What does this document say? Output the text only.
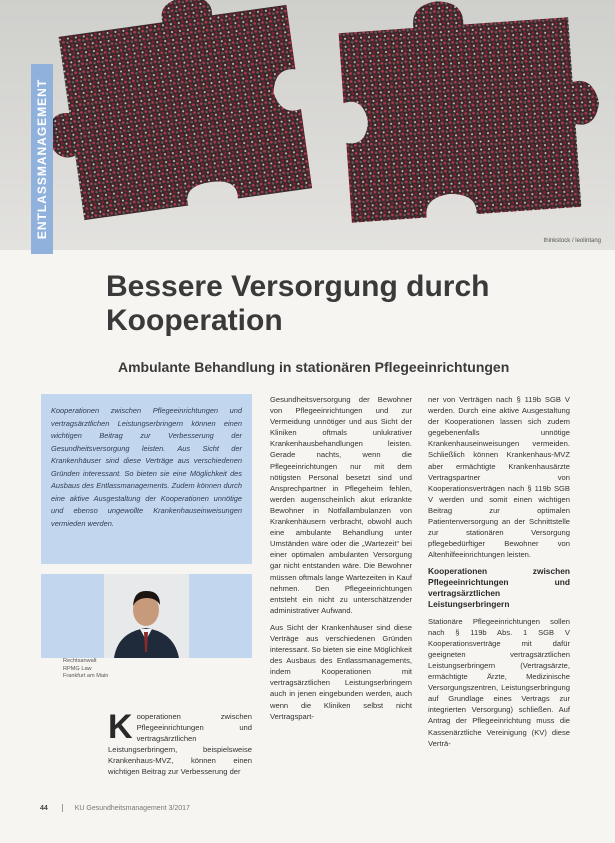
thinkstock / leolintang
ENTLASSMANAGEMENT
Bessere Versorgung durch Kooperation
Ambulante Behandlung in stationären Pflegeeinrichtungen

Kooperationen zwischen Pflegeeinrichtungen und vertragsärztlichen Leistungserbringern können einen wichtigen Beitrag zur Verbesserung der Gesundheitsversorgung leisten. Aus Sicht der Krankenhäuser sind diese Verträge aus verschiedenen Gründen interessant. So bieten sie eine Möglichkeit des Ausbaus des Entlassmanagements. Zudem können durch eine aktive Ausgestaltung der Kooperationen unnötige und ebenso ungewollte Krankenhauseinweisungen vermieden werden.

Rechtsanwalt
RPMG Law
Frankfurt am Main
K ooperationen zwischen Pflegeeinrichtungen und vertragsärztlichen Leistungserbringern, beispielsweise Krankenhaus-MVZ, können einen wichtigen Beitrag zur Verbesserung der

Gesundheitsversorgung der Bewohner von Pflegeeinrichtungen und zur Vermeidung unnötiger und aus Sicht der Kliniken oftmals unlukrativer Krankenhausbehandlungen leisten. Gerade nachts, wenn die Pflegeeinrichtungen nur mit dem nötigsten Personal besetzt sind und Ansprechpartner in Pflegeheim fehlen, werden augenscheinlich akut erkrankte Bewohner in Notfallambulanzen von Krankenhäusern verbracht, obwohl auch eine ambulante Behandlung unter Umständen wäre oder die „Wartezeit“ bei einer optimalen ambulanten Versorgung gar nicht entstanden wäre. Die Bewohner müssen oftmals lange Wartezeiten in Kauf nehmen. Den Pflegeeinrichtungen entsteht ein nicht zu unterschätzender administrativer Aufwand.

Aus Sicht der Krankenhäuser sind diese Verträge aus verschiedenen Gründen interessant. So bieten sie eine Möglichkeit des Ausbaus des Entlassmanagements, indem Kooperationen mit vertragsärztlichen Leistungserbringern auch in jenen eingebunden werden, auch wenn die Kliniken selbst nicht Vertragspart-

ner von Verträgen nach § 119b SGB V werden. Durch eine aktive Ausgestaltung der Kooperationen lassen sich zudem gegebenenfalls unnötige Krankenhauseinweisungen vermeiden. Schließlich können Krankenhaus-MVZ aber ermächtigte Krankenhausärzte Vertragspartner von Kooperationsverträgen nach § 119b SGB V werden und somit einen wichtigen Beitrag zur optimalen Patientenversorgung an der Schnittstelle zur stationären Versorgung pflegebedürftiger Bewohner von Altenhilfeeinrichtungen leisten.

Kooperationen zwischen Pflegeeinrichtungen und vertragsärztlichen Leistungserbringern

Stationäre Pflegeeinrichtungen sollen nach § 119b Abs. 1 SGB V Kooperationsverträge mit dafür geeigneten vertragsärztlichen Leistungserbringern (Vertragsärzte, ermächtigte Ärzte, Medizinische Versorgungszentren, Leistungserbringung auf Grundlage eines Vertrags zur integrierten Versorgung) schließen. Auf Antrag der Pflegeeinrichtung muss die Kassenärztliche Vereinigung (KV) diese Verträ-

44	KU Gesundheitsmanagement 3/2017
